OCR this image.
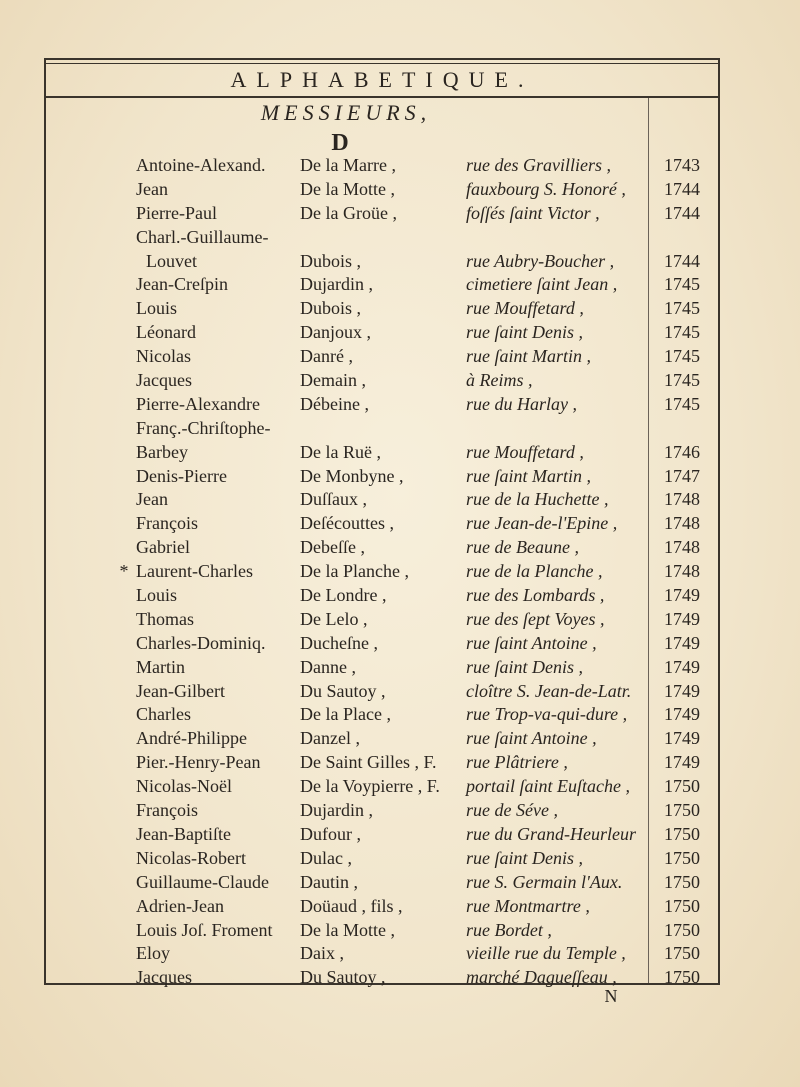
ALPHABETIQUE.
MESSIEURS,
D
Antoine-Alexand. De la Marre ,	rue des Gravilliers ,	1743
Jean	De la Motte ,	fauxbourg S. Honoré , 1744
Pierre-Paul	De la Groüe ,	foſſés ſaint Victor ,	1744
Charl.-Guillaume-
Louvet	Dubois ,	rue Aubry-Boucher ,	1744
Jean-Creſpin	Dujardin ,	cimetiere ſaint Jean ,	1745
Louis	Dubois ,	rue Mouffetard ,	1745
Léonard	Danjoux ,	rue ſaint Denis ,	1745
Nicolas	Danré ,	rue ſaint Martin ,	1745
Jacques	Demain ,	à Reims ,	1745
Pierre-Alexandre Débeine ,	rue du Harlay ,	1745
Franç.-Chriſtophe-
Barbey	De la Ruë ,	rue Mouffetard ,	1746
Denis-Pierre	De Monbyne ,	rue ſaint Martin ,	1747
Jean	Duſſaux ,	rue de la Huchette ,	1748
François	Deſécouttes ,	rue Jean-de-l'Epine ,	1748
Gabriel	Debeſſe ,	rue de Beaune ,	1748
* Laurent-Charles	De la Planche ,	rue de la Planche ,	1748
Louis	De Londre ,	rue des Lombards ,	1749
Thomas	De Lelo ,	rue des ſept Voyes ,	1749
Charles-Dominiq. Ducheſne ,	rue ſaint Antoine ,	1749
Martin	Danne ,	rue ſaint Denis ,	1749
Jean-Gilbert	Du Sautoy ,	cloître S. Jean-de-Latr. 1749
Charles	De la Place ,	rue Trop-va-qui-dure , 1749
André-Philippe	Danzel ,	rue ſaint Antoine ,	1749
Pier.-Henry-Pean De Saint Gilles , F. rue Plâtriere ,	1749
Nicolas-Noël	De la Voypierre , F. portail ſaint Euſtache , 1750
François	Dujardin ,	rue de Séve ,	1750
Jean-Baptiſte	Dufour ,	rue du Grand-Heurleur 1750
Nicolas-Robert	Dulac ,	rue ſaint Denis ,	1750
Guillaume-Claude Dautin ,	rue S. Germain l'Aux. 1750
Adrien-Jean	Doüaud , fils ,	rue Montmartre ,	1750
Louis Joſ. Froment De la Motte ,	rue Bordet ,	1750
Eloy	Daix ,	vieille rue du Temple , 1750
Jacques	Du Sautoy ,	marché Dagueſſeau ,	1750
N
